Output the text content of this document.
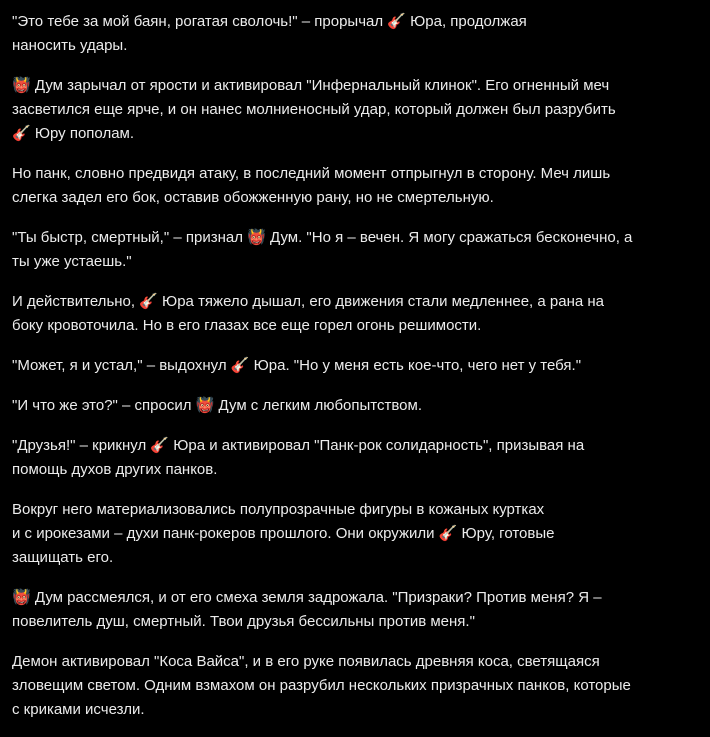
"Это тебе за мой баян, рогатая сволочь!" – прорычал 🎸 Юра, продолжая
наносить удары.

👹 Дум зарычал от ярости и активировал "Инфернальный клинок". Его огненный меч
засветился еще ярче, и он нанес молниеносный удар, который должен был разрубить
🎸 Юру пополам.

Но панк, словно предвидя атаку, в последний момент отпрыгнул в сторону. Меч лишь
слегка задел его бок, оставив обожженную рану, но не смертельную.

"Ты быстр, смертный," – признал 👹 Дум. "Но я – вечен. Я могу сражаться бесконечно, а
ты уже устаешь."

И действительно, 🎸 Юра тяжело дышал, его движения стали медленнее, а рана на
боку кровоточила. Но в его глазах все еще горел огонь решимости.

"Может, я и устал," – выдохнул 🎸 Юра. "Но у меня есть кое-что, чего нет у тебя."

"И что же это?" – спросил 👹 Дум с легким любопытством.

"Друзья!" – крикнул 🎸 Юра и активировал "Панк-рок солидарность", призывая на
помощь духов других панков.

Вокруг него материализовались полупрозрачные фигуры в кожаных куртках
и с ирокезами – духи панк-рокеров прошлого. Они окружили 🎸 Юру, готовые
защищать его.

👹 Дум рассмеялся, и от его смеха земля задрожала. "Призраки? Против меня? Я –
повелитель душ, смертный. Твои друзья бессильны против меня."

Демон активировал "Коса Вайса", и в его руке появилась древняя коса, светящаяся
зловещим светом. Одним взмахом он разрубил нескольких призрачных панков, которые
с криками исчезли.
